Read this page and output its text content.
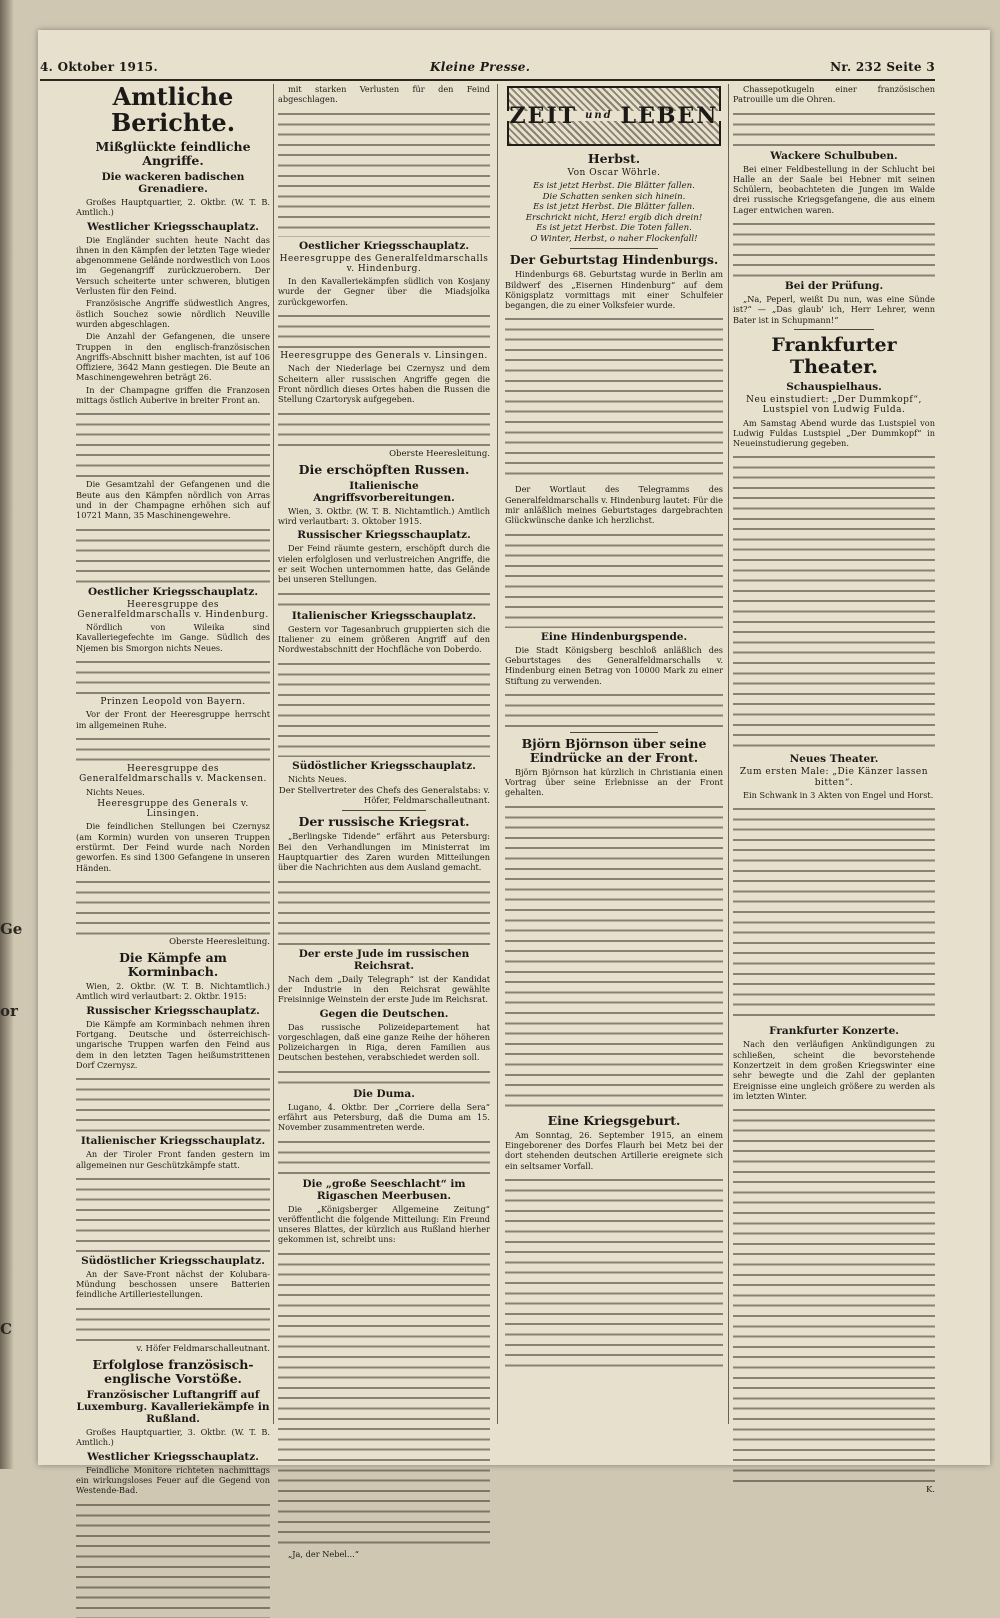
Ge
or
C
4. Oktober 1915.	Kleine Presse.	Nr. 232 Seite 3
Amtliche Berichte.
Mißglückte feindliche Angriffe.
Die wackeren badischen Grenadiere.

Großes Hauptquartier, 2. Oktbr. (W. T. B. Amtlich.)

Westlicher Kriegsschauplatz.

Die Engländer suchten heute Nacht das ihnen in den Kämpfen der letzten Tage wieder abgenommene Gelände nordwestlich von Loos im Gegenangriff zurückzuerobern. Der Versuch scheiterte unter schweren, blutigen Verlusten für den Feind.

Französische Angriffe südwestlich Angres, östlich Souchez sowie nördlich Neuville wurden abgeschlagen.

Die Anzahl der Gefangenen, die unsere Truppen in den englisch-französischen Angriffs-Abschnitt bisher machten, ist auf 106 Offiziere, 3642 Mann gestiegen. Die Beute an Maschinengewehren beträgt 26.

In der Champagne griffen die Franzosen mittags östlich Auberive in breiter Front an.

Die Gesamtzahl der Gefangenen und die Beute aus den Kämpfen nördlich von Arras und in der Champagne erhöhen sich auf 10721 Mann, 35 Maschinengewehre.

Oestlicher Kriegsschauplatz.
Heeresgruppe des Generalfeldmarschalls v. Hindenburg.

Nördlich von Wileika sind Kavalleriegefechte im Gange. Südlich des Njemen bis Smorgon nichts Neues.

Prinzen Leopold von Bayern.

Vor der Front der Heeresgruppe herrscht im allgemeinen Ruhe.

Heeresgruppe des Generalfeldmarschalls v. Mackensen.

Nichts Neues.

Heeresgruppe des Generals v. Linsingen.

Die feindlichen Stellungen bei Czernysz (am Kormin) wurden von unseren Truppen erstürmt. Der Feind wurde nach Norden geworfen. Es sind 1300 Gefangene in unseren Händen.

Oberste Heeresleitung.
Die Kämpfe am Korminbach.

Wien, 2. Oktbr. (W. T. B. Nichtamtlich.) Amtlich wird verlautbart: 2. Oktbr. 1915:

Russischer Kriegsschauplatz.

Die Kämpfe am Korminbach nehmen ihren Fortgang. Deutsche und österreichisch-ungarische Truppen warfen den Feind aus dem in den letzten Tagen heißumstrittenen Dorf Czernysz.

Italienischer Kriegsschauplatz.

An der Tiroler Front fanden gestern im allgemeinen nur Geschützkämpfe statt.

Südöstlicher Kriegsschauplatz.

An der Save-Front nächst der Kolubara-Mündung beschossen unsere Batterien feindliche Artilleriestellungen.

v. Höfer Feldmarschalleutnant.
Erfolglose französisch-englische Vorstöße.
Französischer Luftangriff auf Luxemburg. Kavalleriekämpfe in Rußland.

Großes Hauptquartier, 3. Oktbr. (W. T. B. Amtlich.)

Westlicher Kriegsschauplatz.

Feindliche Monitore richteten nachmittags ein wirkungsloses Feuer auf die Gegend von Westende-Bad.

mit starken Verlusten für den Feind abgeschlagen.

Oestlicher Kriegsschauplatz.
Heeresgruppe des Generalfeldmarschalls v. Hindenburg.

In den Kavalleriekämpfen südlich von Kosjany wurde der Gegner über die Miadsjolka zurückgeworfen.

Heeresgruppe des Generals v. Linsingen.

Nach der Niederlage bei Czernysz und dem Scheitern aller russischen Angriffe gegen die Front nördlich dieses Ortes haben die Russen die Stellung Czartorysk aufgegeben.

Oberste Heeresleitung.
Die erschöpften Russen.
Italienische Angriffsvorbereitungen.

Wien, 3. Oktbr. (W. T. B. Nichtamtlich.) Amtlich wird verlautbart: 3. Oktober 1915.

Russischer Kriegsschauplatz.

Der Feind räumte gestern, erschöpft durch die vielen erfolglosen und verlustreichen Angriffe, die er seit Wochen unternommen hatte, das Gelände bei unseren Stellungen.

Italienischer Kriegsschauplatz.

Gestern vor Tagesanbruch gruppierten sich die Italiener zu einem größeren Angriff auf den Nordwestabschnitt der Hochfläche von Doberdo.

Südöstlicher Kriegsschauplatz.

Nichts Neues.

Der Stellvertreter des Chefs des Generalstabs: v. Höfer, Feldmarschalleutnant.
Der russische Kriegsrat.

„Berlingske Tidende“ erfährt aus Petersburg: Bei den Verhandlungen im Ministerrat im Hauptquartier des Zaren wurden Mitteilungen über die Nachrichten aus dem Ausland gemacht.

Der erste Jude im russischen Reichsrat.

Nach dem „Daily Telegraph“ ist der Kandidat der Industrie in den Reichsrat gewählte Freisinnige Weinstein der erste Jude im Reichsrat.

Gegen die Deutschen.

Das russische Polizeidepartement hat vorgeschlagen, daß eine ganze Reihe der höheren Polizeichargen in Riga, deren Familien aus Deutschen bestehen, verabschiedet werden soll.

Die Duma.

Lugano, 4. Oktbr. Der „Corriere della Sera“ erfährt aus Petersburg, daß die Duma am 15. November zusammentreten werde.

Die „große Seeschlacht“ im Rigaschen Meerbusen.

Die „Königsberger Allgemeine Zeitung“ veröffentlicht die folgende Mitteilung: Ein Freund unseres Blattes, der kürzlich aus Rußland hierher gekommen ist, schreibt uns:

„Ja, der Nebel...“

ZEIT und LEBEN
Herbst.
Von Oscar Wöhrle.
Es ist jetzt Herbst. Die Blätter fallen.
Die Schatten senken sich hinein.
Es ist jetzt Herbst. Die Blätter fallen.
Erschrickt nicht, Herz! ergib dich drein!
Es ist jetzt Herbst. Die Toten fallen.
O Winter, Herbst, o naher Flockenfall!
Der Geburtstag Hindenburgs.

Hindenburgs 68. Geburtstag wurde in Berlin am Bildwerf des „Eisernen Hindenburg“ auf dem Königsplatz vormittags mit einer Schulfeier begangen, die zu einer Volksfeier wurde.

Der Wortlaut des Telegramms des Generalfeldmarschalls v. Hindenburg lautet: Für die mir anläßlich meines Geburtstages dargebrachten Glückwünsche danke ich herzlichst.

Eine Hindenburgspende.

Die Stadt Königsberg beschloß anläßlich des Geburtstages des Generalfeldmarschalls v. Hindenburg einen Betrag von 10000 Mark zu einer Stiftung zu verwenden.

Björn Björnson über seine Eindrücke an der Front.

Björn Björnson hat kürzlich in Christiania einen Vortrag über seine Erlebnisse an der Front gehalten.

Eine Kriegsgeburt.

Am Sonntag, 26. September 1915, an einem Eingeborener des Dorfes Flaurh bei Metz bei der dort stehenden deutschen Artillerie ereignete sich ein seltsamer Vorfall.

Chassepotkugeln einer französischen Patrouille um die Ohren.

Wackere Schulbuben.

Bei einer Feldbestellung in der Schlucht bei Halle an der Saale bei Hebner mit seinen Schülern, beobachteten die Jungen im Walde drei russische Kriegsgefangene, die aus einem Lager entwichen waren.

Bei der Prüfung.

„Na, Peperl, weißt Du nun, was eine Sünde ist?“ — „Das glaub' ich, Herr Lehrer, wenn Bater ist in Schupmann!“

Frankfurter Theater.
Schauspielhaus.
Neu einstudiert: „Der Dummkopf“, Lustspiel von Ludwig Fulda.

Am Samstag Abend wurde das Lustspiel von Ludwig Fuldas Lustspiel „Der Dummkopf“ in Neueinstudierung gegeben.

Neues Theater.
Zum ersten Male: „Die Känzer lassen bitten“.

Ein Schwank in 3 Akten von Engel und Horst.

Frankfurter Konzerte.

Nach den verläufigen Ankündigungen zu schließen, scheint die bevorstehende Konzertzeit in dem großen Kriegswinter eine sehr bewegte und die Zahl der geplanten Ereignisse eine ungleich größere zu werden als im letzten Winter.

K.
